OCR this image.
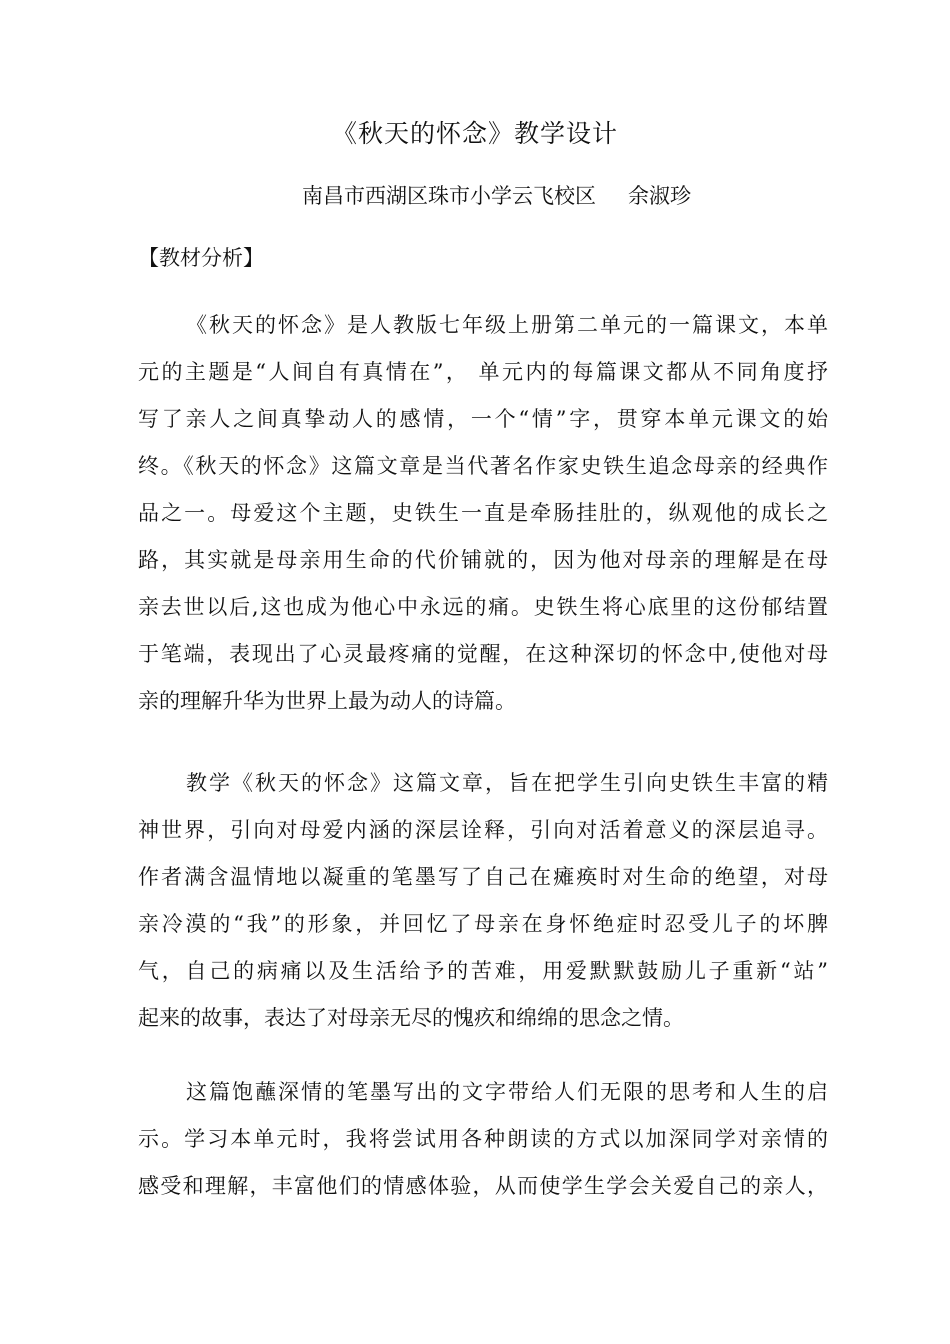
《秋天的怀念》教学设计
南昌市西湖区珠市小学云飞校区 余淑珍
【教材分析】
《秋天的怀念》是人教版七年级上册第二单元的一篇课文，本单
元的主题是“人间自有真情在”， 单元内的每篇课文都从不同角度抒
写了亲人之间真挚动人的感情，一个“情”字，贯穿本单元课文的始
终。《秋天的怀念》这篇文章是当代著名作家史铁生追念母亲的经典作
品之一。母爱这个主题，史铁生一直是牵肠挂肚的，纵观他的成长之
路，其实就是母亲用生命的代价铺就的，因为他对母亲的理解是在母
亲去世以后,这也成为他心中永远的痛。史铁生将心底里的这份郁结置
于笔端，表现出了心灵最疼痛的觉醒，在这种深切的怀念中,使他对母
亲的理解升华为世界上最为动人的诗篇。
教学《秋天的怀念》这篇文章，旨在把学生引向史铁生丰富的精
神世界，引向对母爱内涵的深层诠释，引向对活着意义的深层追寻。
作者满含温情地以凝重的笔墨写了自己在瘫痪时对生命的绝望，对母
亲冷漠的“我”的形象，并回忆了母亲在身怀绝症时忍受儿子的坏脾
气，自己的病痛以及生活给予的苦难，用爱默默鼓励儿子重新“站”
起来的故事，表达了对母亲无尽的愧疚和绵绵的思念之情。
这篇饱蘸深情的笔墨写出的文字带给人们无限的思考和人生的启
示。学习本单元时，我将尝试用各种朗读的方式以加深同学对亲情的
感受和理解，丰富他们的情感体验，从而使学生学会关爱自己的亲人，
